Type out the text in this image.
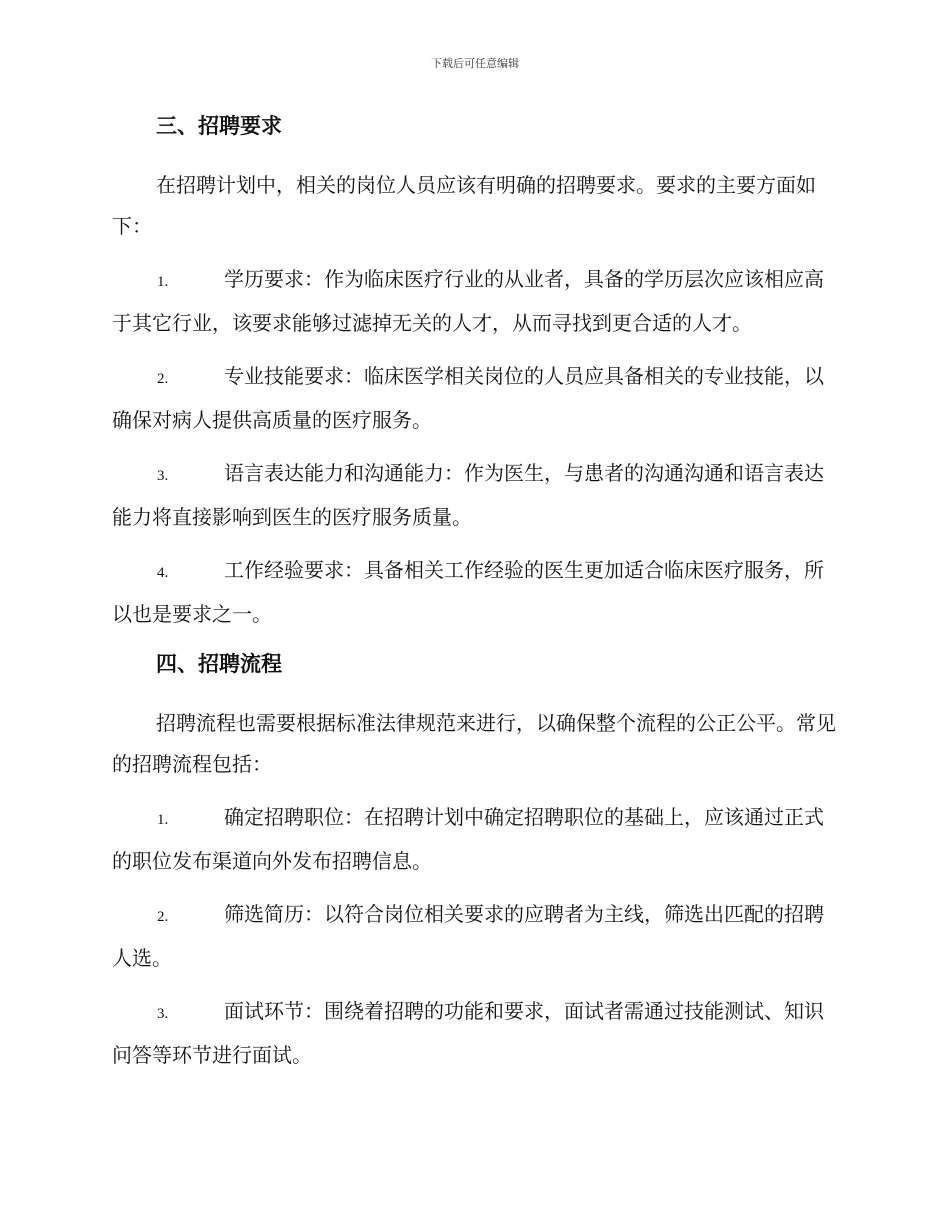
下载后可任意编辑
三、招聘要求

在招聘计划中，相关的岗位人员应该有明确的招聘要求。要求的主要方面如下：

1.	学历要求：作为临床医疗行业的从业者，具备的学历层次应该相应高于其它行业，该要求能够过滤掉无关的人才，从而寻找到更合适的人才。
2.	专业技能要求：临床医学相关岗位的人员应具备相关的专业技能，以确保对病人提供高质量的医疗服务。
3.	语言表达能力和沟通能力：作为医生，与患者的沟通沟通和语言表达能力将直接影响到医生的医疗服务质量。
4.	工作经验要求：具备相关工作经验的医生更加适合临床医疗服务，所以也是要求之一。
四、招聘流程

招聘流程也需要根据标准法律规范来进行，以确保整个流程的公正公平。常见的招聘流程包括：

1.	确定招聘职位：在招聘计划中确定招聘职位的基础上，应该通过正式的职位发布渠道向外发布招聘信息。
2.	筛选简历：以符合岗位相关要求的应聘者为主线，筛选出匹配的招聘人选。
3.	面试环节：围绕着招聘的功能和要求，面试者需通过技能测试、知识问答等环节进行面试。
